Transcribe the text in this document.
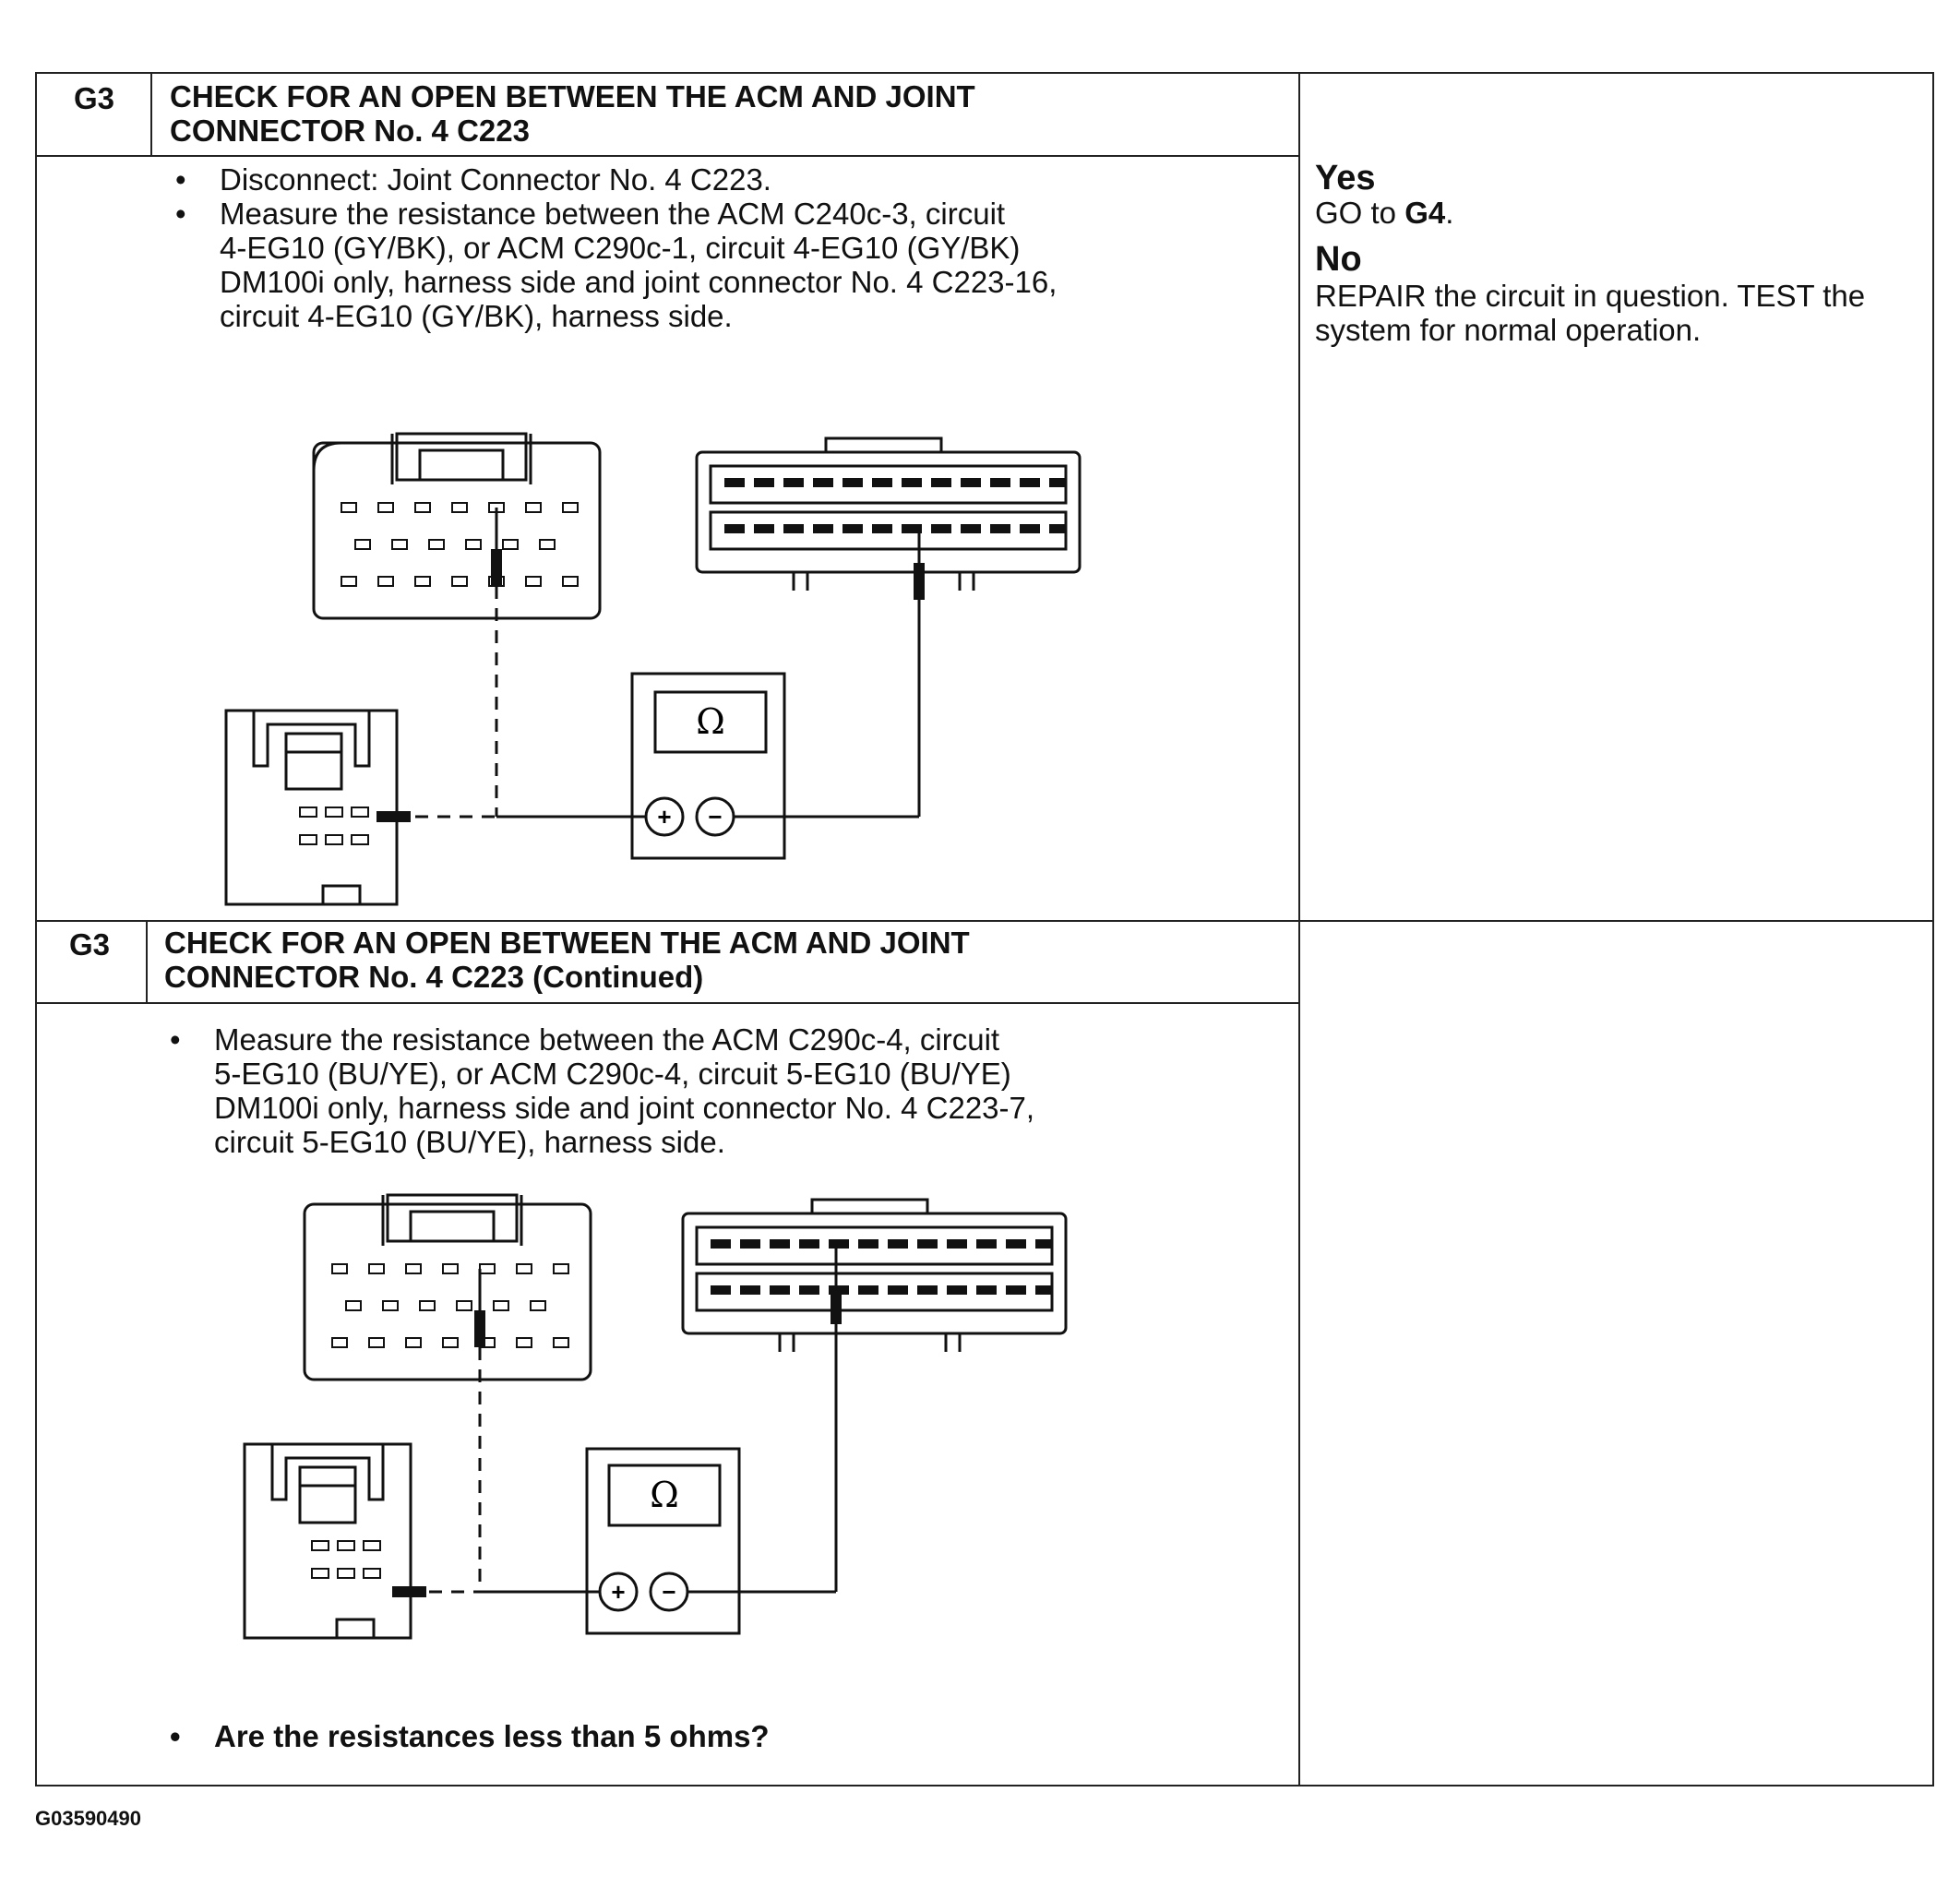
G3 CHECK FOR AN OPEN BETWEEN THE ACM AND JOINT
CONNECTOR No. 4 C223
• Disconnect: Joint Connector No. 4 C223.
• Measure the resistance between the ACM C240c-3, circuit
4-EG10 (GY/BK), or ACM C290c-1, circuit 4-EG10 (GY/BK)
DM100i only, harness side and joint connector No. 4 C223-16,
circuit 4-EG10 (GY/BK), harness side.
Ω
+ −
G3 CHECK FOR AN OPEN BETWEEN THE ACM AND JOINT
CONNECTOR No. 4 C223 (Continued)
• Measure the resistance between the ACM C290c-4, circuit
5-EG10 (BU/YE), or ACM C290c-4, circuit 5-EG10 (BU/YE)
DM100i only, harness side and joint connector No. 4 C223-7,
circuit 5-EG10 (BU/YE), harness side.
Ω
+ −
• Are the resistances less than 5 ohms?
Yes
GO to G4.
No
REPAIR the circuit in question. TEST the
system for normal operation.
G03590490
